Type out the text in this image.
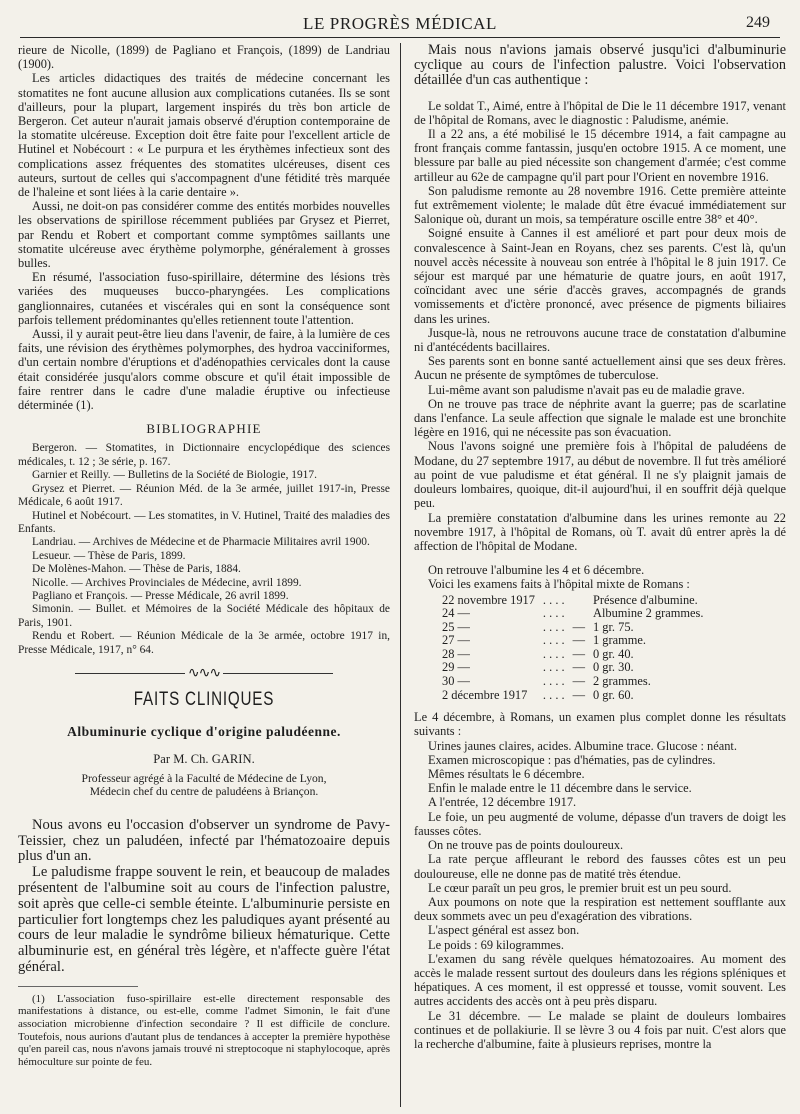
LE PROGRÈS MÉDICAL	249

rieure de Nicolle, (1899) de Pagliano et François, (1899) de Landriau (1900).

Les articles didactiques des traités de médecine concernant les stomatites ne font aucune allusion aux complications cutanées. Ils se sont d'ailleurs, pour la plupart, largement inspirés du très bon article de Bergeron. Cet auteur n'aurait jamais observé d'éruption contemporaine de la stomatite ulcéreuse. Exception doit être faite pour l'excellent article de Hutinel et Nobécourt : « Le purpura et les érythèmes infectieux sont des complications assez fréquentes des stomatites ulcéreuses, disent ces auteurs, surtout de celles qui s'accompagnent d'une fétidité très marquée de l'haleine et sont liées à la carie dentaire ».

Aussi, ne doit-on pas considérer comme des entités morbides nouvelles les observations de spirillose récemment publiées par Grysez et Pierret, par Rendu et Robert et comportant comme symptômes saillants une stomatite ulcéreuse avec érythème polymorphe, généralement à grosses bulles.

En résumé, l'association fuso-spirillaire, détermine des lésions très variées des muqueuses bucco-pharyngées. Les complications ganglionnaires, cutanées et viscérales qui en sont la conséquence sont parfois tellement prédominantes qu'elles retiennent toute l'attention.

Aussi, il y aurait peut-être lieu dans l'avenir, de faire, à la lumière de ces faits, une révision des érythèmes polymorphes, des hydroa vacciniformes, d'un certain nombre d'éruptions et d'adénopathies cervicales dont la cause était considérée jusqu'alors comme obscure et qu'il était impossible de faire rentrer dans le cadre d'une maladie éruptive ou infectieuse déterminée (1).

BIBLIOGRAPHIE

Bergeron. — Stomatites, in Dictionnaire encyclopédique des sciences médicales, t. 12 ; 3e série, p. 167.

Garnier et Reilly. — Bulletins de la Société de Biologie, 1917.

Grysez et Pierret. — Réunion Méd. de la 3e armée, juillet 1917-in, Presse Médicale, 6 août 1917.

Hutinel et Nobécourt. — Les stomatites, in V. Hutinel, Traité des maladies des Enfants.

Landriau. — Archives de Médecine et de Pharmacie Militaires avril 1900.

Lesueur. — Thèse de Paris, 1899.

De Molènes-Mahon. — Thèse de Paris, 1884.

Nicolle. — Archives Provinciales de Médecine, avril 1899.

Pagliano et François. — Presse Médicale, 26 avril 1899.

Simonin. — Bullet. et Mémoires de la Société Médicale des hôpitaux de Paris, 1901.

Rendu et Robert. — Réunion Médicale de la 3e armée, octobre 1917 in, Presse Médicale, 1917, n° 64.

∿∿∿
FAITS CLINIQUES
Albuminurie cyclique d'origine paludéenne.
Par M. Ch. GARIN.
Professeur agrégé à la Faculté de Médecine de Lyon,
Médecin chef du centre de paludéens à Briançon.

Nous avons eu l'occasion d'observer un syndrome de Pavy-Teissier, chez un paludéen, infecté par l'hématozoaire depuis plus d'un an.

Le paludisme frappe souvent le rein, et beaucoup de malades présentent de l'albumine soit au cours de l'infection palustre, soit après que celle-ci semble éteinte. L'albuminurie persiste en particulier fort longtemps chez les paludiques ayant présenté au cours de leur maladie le syndrôme bilieux hématurique. Cette albuminurie est, en général très légère, et n'affecte guère l'état général.

(1) L'association fuso-spirillaire est-elle directement responsable des manifestations à distance, ou est-elle, comme l'admet Simonin, le fait d'une association microbienne d'infection secondaire ? Il est difficile de conclure. Toutefois, nous aurions d'autant plus de tendances à accepter la première hypothèse qu'en pareil cas, nous n'avons jamais trouvé ni streptocoque ni staphylocoque, après hémoculture sur pointe de feu.

Mais nous n'avions jamais observé jusqu'ici d'albuminurie cyclique au cours de l'infection palustre. Voici l'observation détaillée d'un cas authentique :

Le soldat T., Aimé, entre à l'hôpital de Die le 11 décembre 1917, venant de l'hôpital de Romans, avec le diagnostic : Paludisme, anémie.

Il a 22 ans, a été mobilisé le 15 décembre 1914, a fait campagne au front français comme fantassin, jusqu'en octobre 1915. A ce moment, une blessure par balle au pied nécessite son changement d'armée; c'est comme artilleur au 62e de campagne qu'il part pour l'Orient en novembre 1916.

Son paludisme remonte au 28 novembre 1916. Cette première atteinte fut extrêmement violente; le malade dût être évacué immédiatement sur Salonique où, durant un mois, sa température oscille entre 38° et 40°.

Soigné ensuite à Cannes il est amélioré et part pour deux mois de convalescence à Saint-Jean en Royans, chez ses parents. C'est là, qu'un nouvel accès nécessite à nouveau son entrée à l'hôpital le 8 juin 1917. Ce séjour est marqué par une hématurie de quatre jours, en août 1917, coïncidant avec une série d'accès graves, accompagnés de grands vomissements et d'ictère prononcé, avec présence de pigments biliaires dans les urines.

Jusque-là, nous ne retrouvons aucune trace de constatation d'albumine ni d'antécédents bacillaires.

Ses parents sont en bonne santé actuellement ainsi que ses deux frères. Aucun ne présente de symptômes de tuberculose.

Lui-même avant son paludisme n'avait pas eu de maladie grave.

On ne trouve pas trace de néphrite avant la guerre; pas de scarlatine dans l'enfance. La seule affection que signale le malade est une bronchite légère en 1916, qui ne nécessite pas son évacuation.

Nous l'avons soigné une première fois à l'hôpital de paludéens de Modane, du 27 septembre 1917, au début de novembre. Il fut très amélioré au point de vue paludisme et état général. Il ne s'y plaignit jamais de douleurs lombaires, quoique, dit-il aujourd'hui, il en souffrit déjà quelque peu.

La première constatation d'albumine dans les urines remonte au 22 novembre 1917, à l'hôpital de Romans, où T. avait dû entrer après la dé affection de l'hôpital de Modane.

On retrouve l'albumine les 4 et 6 décembre.

Voici les examens faits à l'hôpital mixte de Romans :

22 novembre 1917	. . . .		Présence d'albumine.
24 —	. . . .		Albumine 2 grammes.
25 —	. . . .	—	1 gr. 75.
27 —	. . . .	—	1 gramme.
28 —	. . . .	—	0 gr. 40.
29 —	. . . .	—	0 gr. 30.
30 —	. . . .	—	2 grammes.
2 décembre 1917	. . . .	—	0 gr. 60.

Le 4 décembre, à Romans, un examen plus complet donne les résultats suivants :

Urines jaunes claires, acides. Albumine trace. Glucose : néant.

Examen microscopique : pas d'hématies, pas de cylindres.

Mêmes résultats le 6 décembre.

Enfin le malade entre le 11 décembre dans le service.

A l'entrée, 12 décembre 1917.

Le foie, un peu augmenté de volume, dépasse d'un travers de doigt les fausses côtes.

On ne trouve pas de points douloureux.

La rate perçue affleurant le rebord des fausses côtes est un peu douloureuse, elle ne donne pas de matité très étendue.

Le cœur paraît un peu gros, le premier bruit est un peu sourd.

Aux poumons on note que la respiration est nettement soufflante aux deux sommets avec un peu d'exagération des vibrations.

L'aspect général est assez bon.

Le poids : 69 kilogrammes.

L'examen du sang révèle quelques hématozoaires. Au moment des accès le malade ressent surtout des douleurs dans les régions spléniques et hépatiques. A ces moment, il est oppressé et tousse, vomit souvent. Les autres accidents des accès ont à peu près disparu.

Le 31 décembre. — Le malade se plaint de douleurs lombaires continues et de pollakiurie. Il se lèvre 3 ou 4 fois par nuit. C'est alors que la recherche d'albumine, faite à plusieurs reprises, montre la
